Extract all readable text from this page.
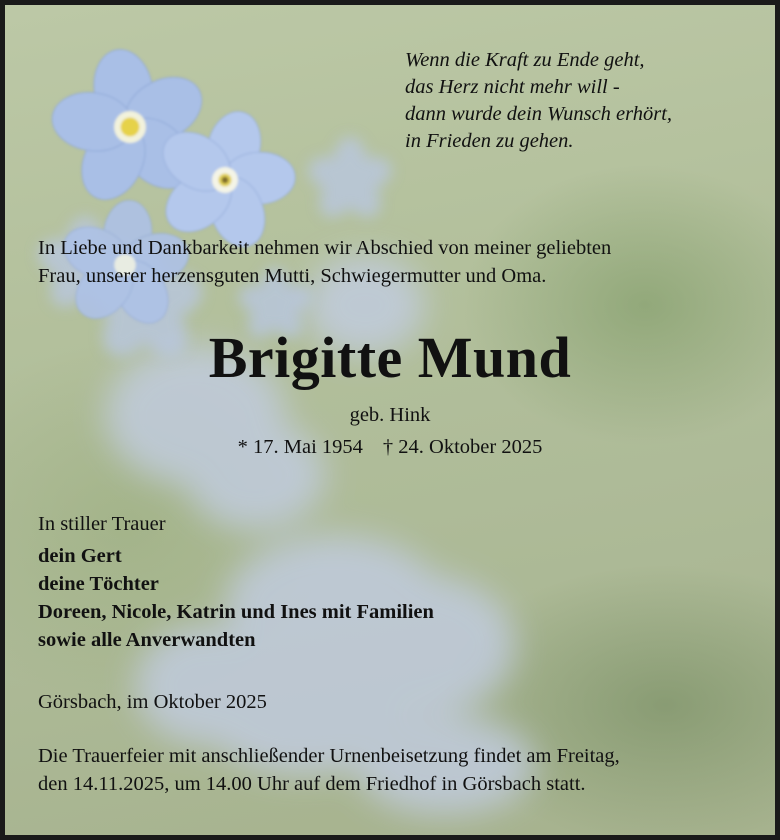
Wenn die Kraft zu Ende geht,
das Herz nicht mehr will -
dann wurde dein Wunsch erhört,
in Frieden zu gehen.
In Liebe und Dankbarkeit nehmen wir Abschied von meiner geliebten
Frau, unserer herzensguten Mutti, Schwiegermutter und Oma.
Brigitte Mund
geb. Hink
* 17. Mai 1954 † 24. Oktober 2025
In stiller Trauer
dein Gert
deine Töchter
Doreen, Nicole, Katrin und Ines mit Familien
sowie alle Anverwandten
Görsbach, im Oktober 2025
Die Trauerfeier mit anschließender Urnenbeisetzung findet am Freitag,
den 14.11.2025, um 14.00 Uhr auf dem Friedhof in Görsbach statt.
